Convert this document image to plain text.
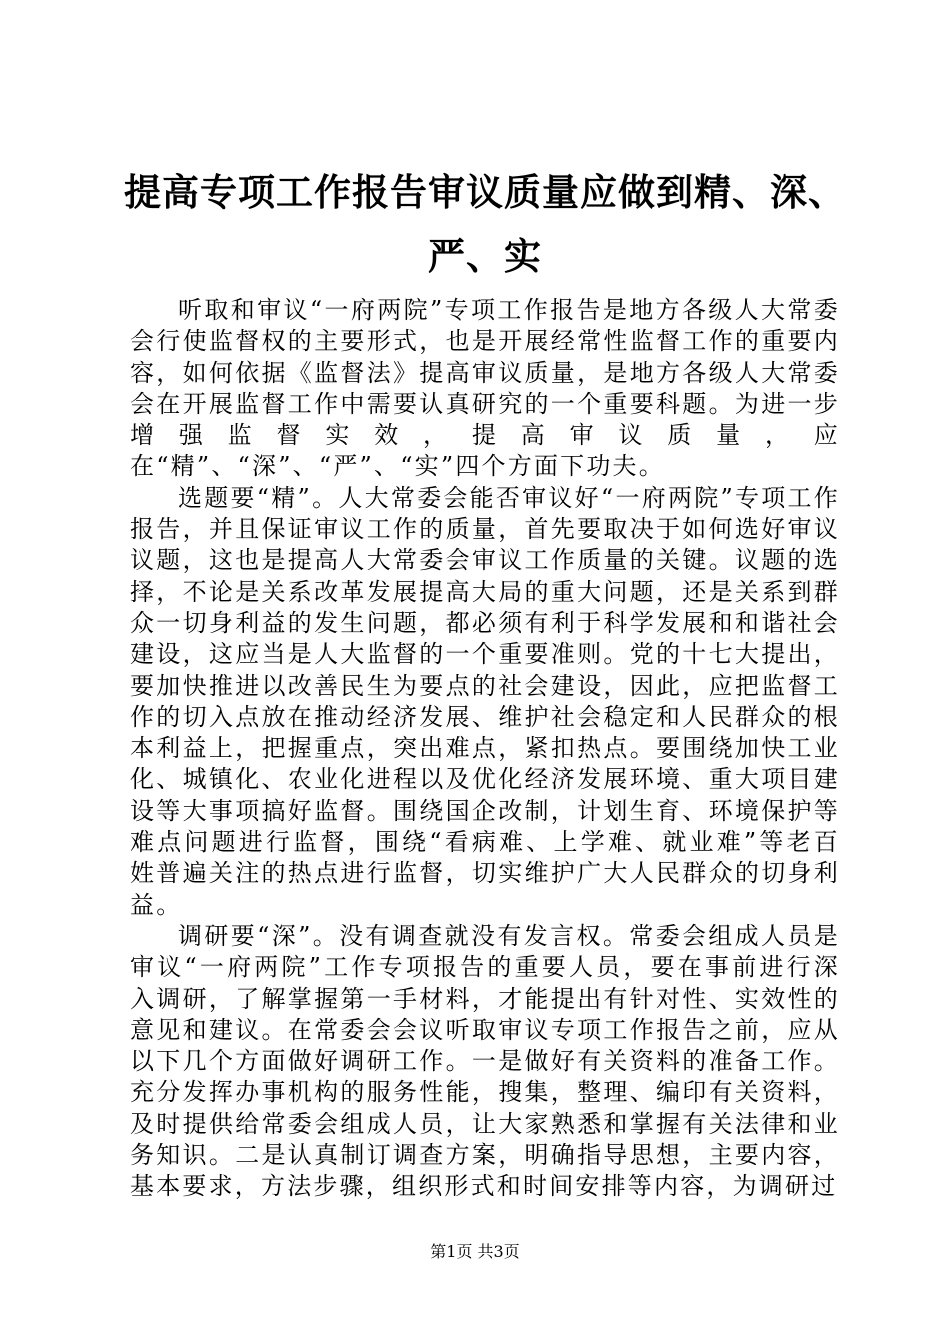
提高专项工作报告审议质量应做到精、深、严、实

听取和审议“一府两院”专项工作报告是地方各级人大常委会行使监督权的主要形式，也是开展经常性监督工作的重要内容，如何依据《监督法》提高审议质量，是地方各级人大常委会在开展监督工作中需要认真研究的一个重要科题。为进一步增强监督实效，提高审议质量，应在“精”、“深”、“严”、“实”四个方面下功夫。

选题要“精”。人大常委会能否审议好“一府两院”专项工作报告，并且保证审议工作的质量，首先要取决于如何选好审议议题，这也是提高人大常委会审议工作质量的关键。议题的选择，不论是关系改革发展提高大局的重大问题，还是关系到群众一切身利益的发生问题，都必须有利于科学发展和和谐社会建设，这应当是人大监督的一个重要准则。党的十七大提出，要加快推进以改善民生为要点的社会建设，因此，应把监督工作的切入点放在推动经济发展、维护社会稳定和人民群众的根本利益上，把握重点，突出难点，紧扣热点。要围绕加快工业化、城镇化、农业化进程以及优化经济发展环境、重大项目建设等大事项搞好监督。围绕国企改制，计划生育、环境保护等难点问题进行监督，围绕“看病难、上学难、就业难”等老百姓普遍关注的热点进行监督，切实维护广大人民群众的切身利益。

调研要“深”。没有调查就没有发言权。常委会组成人员是审议“一府两院”工作专项报告的重要人员，要在事前进行深入调研，了解掌握第一手材料，才能提出有针对性、实效性的意见和建议。在常委会会议听取审议专项工作报告之前，应从以下几个方面做好调研工作。一是做好有关资料的准备工作。充分发挥办事机构的服务性能，搜集，整理、编印有关资料，及时提供给常委会组成人员，让大家熟悉和掌握有关法律和业务知识。二是认真制订调查方案，明确指导思想，主要内容，基本要求，方法步骤，组织形式和时间安排等内容，为调研过

第1页 共3页
